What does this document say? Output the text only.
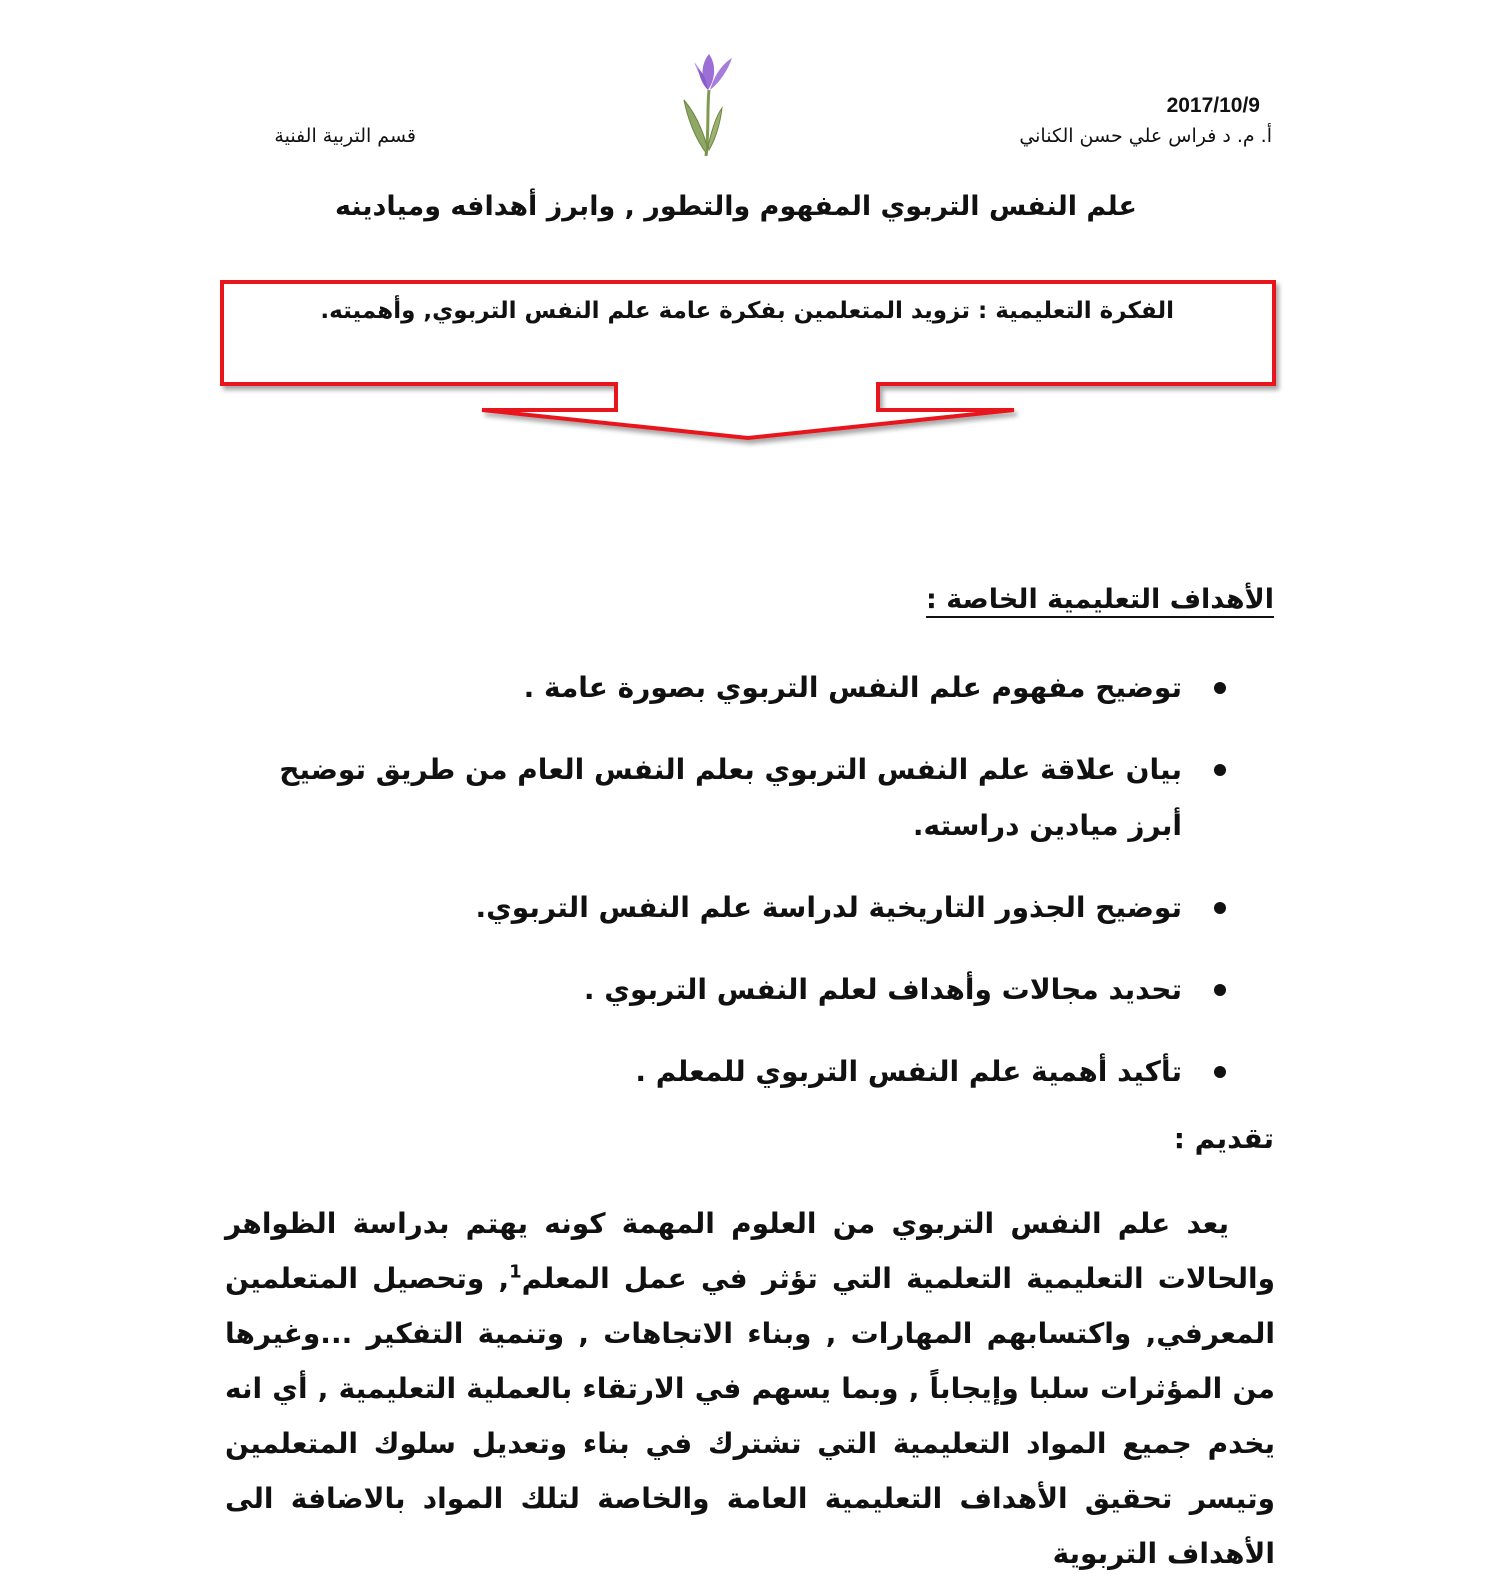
2017/10/9
أ. م. د فراس علي حسن الكناني
قسم التربية الفنية
علم النفس التربوي المفهوم والتطور , وابرز أهدافه وميادينه
الفكرة التعليمية : تزويد المتعلمين بفكرة عامة علم النفس التربوي, وأهميته.
الأهداف التعليمية الخاصة :
توضيح مفهوم علم النفس التربوي بصورة عامة .
بيان علاقة علم النفس التربوي بعلم النفس العام من طريق توضيح أبرز ميادين دراسته.
توضيح الجذور التاريخية لدراسة علم النفس التربوي.
تحديد مجالات وأهداف لعلم النفس التربوي .
تأكيد أهمية علم النفس التربوي للمعلم .
تقديم :
يعد علم النفس التربوي من العلوم المهمة كونه يهتم بدراسة الظواهر والحالات التعليمية التعلمية التي تؤثر في عمل المعلم$^1$, وتحصيل المتعلمين المعرفي, واكتسابهم المهارات , وبناء الاتجاهات , وتنمية التفكير ...وغيرها من المؤثرات سلبا وإيجاباً , وبما يسهم في الارتقاء بالعملية التعليمية , أي انه يخدم جميع المواد التعليمية التي تشترك في بناء وتعديل سلوك المتعلمين وتيسر تحقيق الأهداف التعليمية العامة والخاصة لتلك المواد بالاضافة الى الأهداف التربوية
